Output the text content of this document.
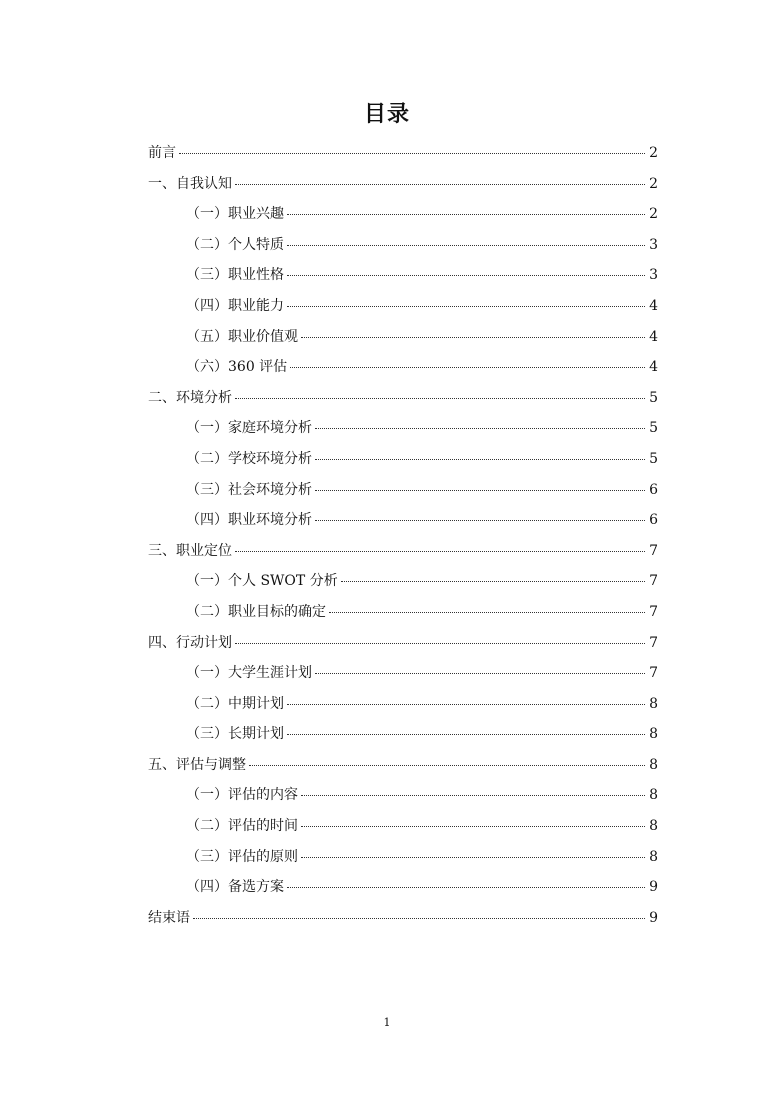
目录
前言	2
一、自我认知	2
（一）职业兴趣	2
（二）个人特质	3
（三）职业性格	3
（四）职业能力	4
（五）职业价值观	4
（六）360 评估	4
二、环境分析	5
（一）家庭环境分析	5
（二）学校环境分析	5
（三）社会环境分析	6
（四）职业环境分析	6
三、职业定位	7
（一）个人 SWOT 分析	7
（二）职业目标的确定	7
四、行动计划	7
（一）大学生涯计划	7
（二）中期计划	8
（三）长期计划	8
五、评估与调整	8
（一）评估的内容	8
（二）评估的时间	8
（三）评估的原则	8
（四）备选方案	9
结束语	9
1
